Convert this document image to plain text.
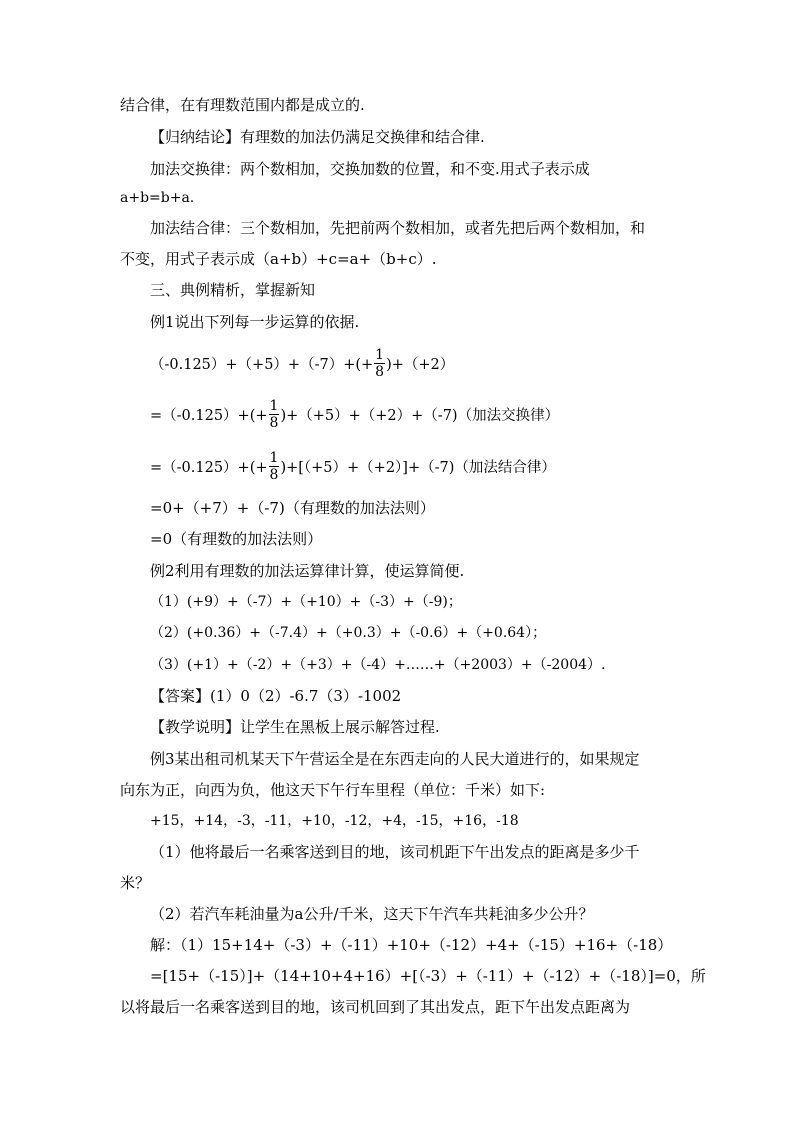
结合律，在有理数范围内都是成立的.
【归纳结论】有理数的加法仍满足交换律和结合律.
加法交换律：两个数相加，交换加数的位置，和不变.用式子表示成
a+b=b+a.
加法结合律：三个数相加，先把前两个数相加，或者先把后两个数相加，和
不变，用式子表示成（a+b）+c=a+（b+c）.
三、典例精析，掌握新知
例1说出下列每一步运算的依据.
$(-0.125)+(+5)+(-7)+(+ \frac{1}{8} )+(+2)$
$=(-0.125)+(+ \frac{1}{8} )+(+5)+(+2)+(-7)$（加法交换律）
$=(-0.125)+(+ \frac{1}{8} )+[(+5)+(+2)]+(-7)$（加法结合律）
=0+（+7）+（-7)（有理数的加法法则）
=0（有理数的加法法则）
例2利用有理数的加法运算律计算，使运算简便.
（1）(+9）+（-7）+（+10）+（-3）+（-9)；
（2）(+0.36）+（-7.4）+（+0.3）+（-0.6）+（+0.64）；
（3）(+1）+（-2）+（+3）+（-4）+……+（+2003）+（-2004）.
【答案】(1）0（2）-6.7（3）-1002
【教学说明】让学生在黑板上展示解答过程.
例3某出租司机某天下午营运全是在东西走向的人民大道进行的，如果规定
向东为正，向西为负，他这天下午行车里程（单位：千米）如下:
+15，+14，-3，-11，+10，-12，+4，-15，+16，-18
（1）他将最后一名乘客送到目的地，该司机距下午出发点的距离是多少千
米？
（2）若汽车耗油量为a公升/千米，这天下午汽车共耗油多少公升？
解：（1）15+14+（-3）+（-11）+10+（-12）+4+（-15）+16+（-18）
=[15+（-15）]+（14+10+4+16）+[（-3）+（-11）+（-12）+（-18）]=0，所
以将最后一名乘客送到目的地，该司机回到了其出发点，距下午出发点距离为
